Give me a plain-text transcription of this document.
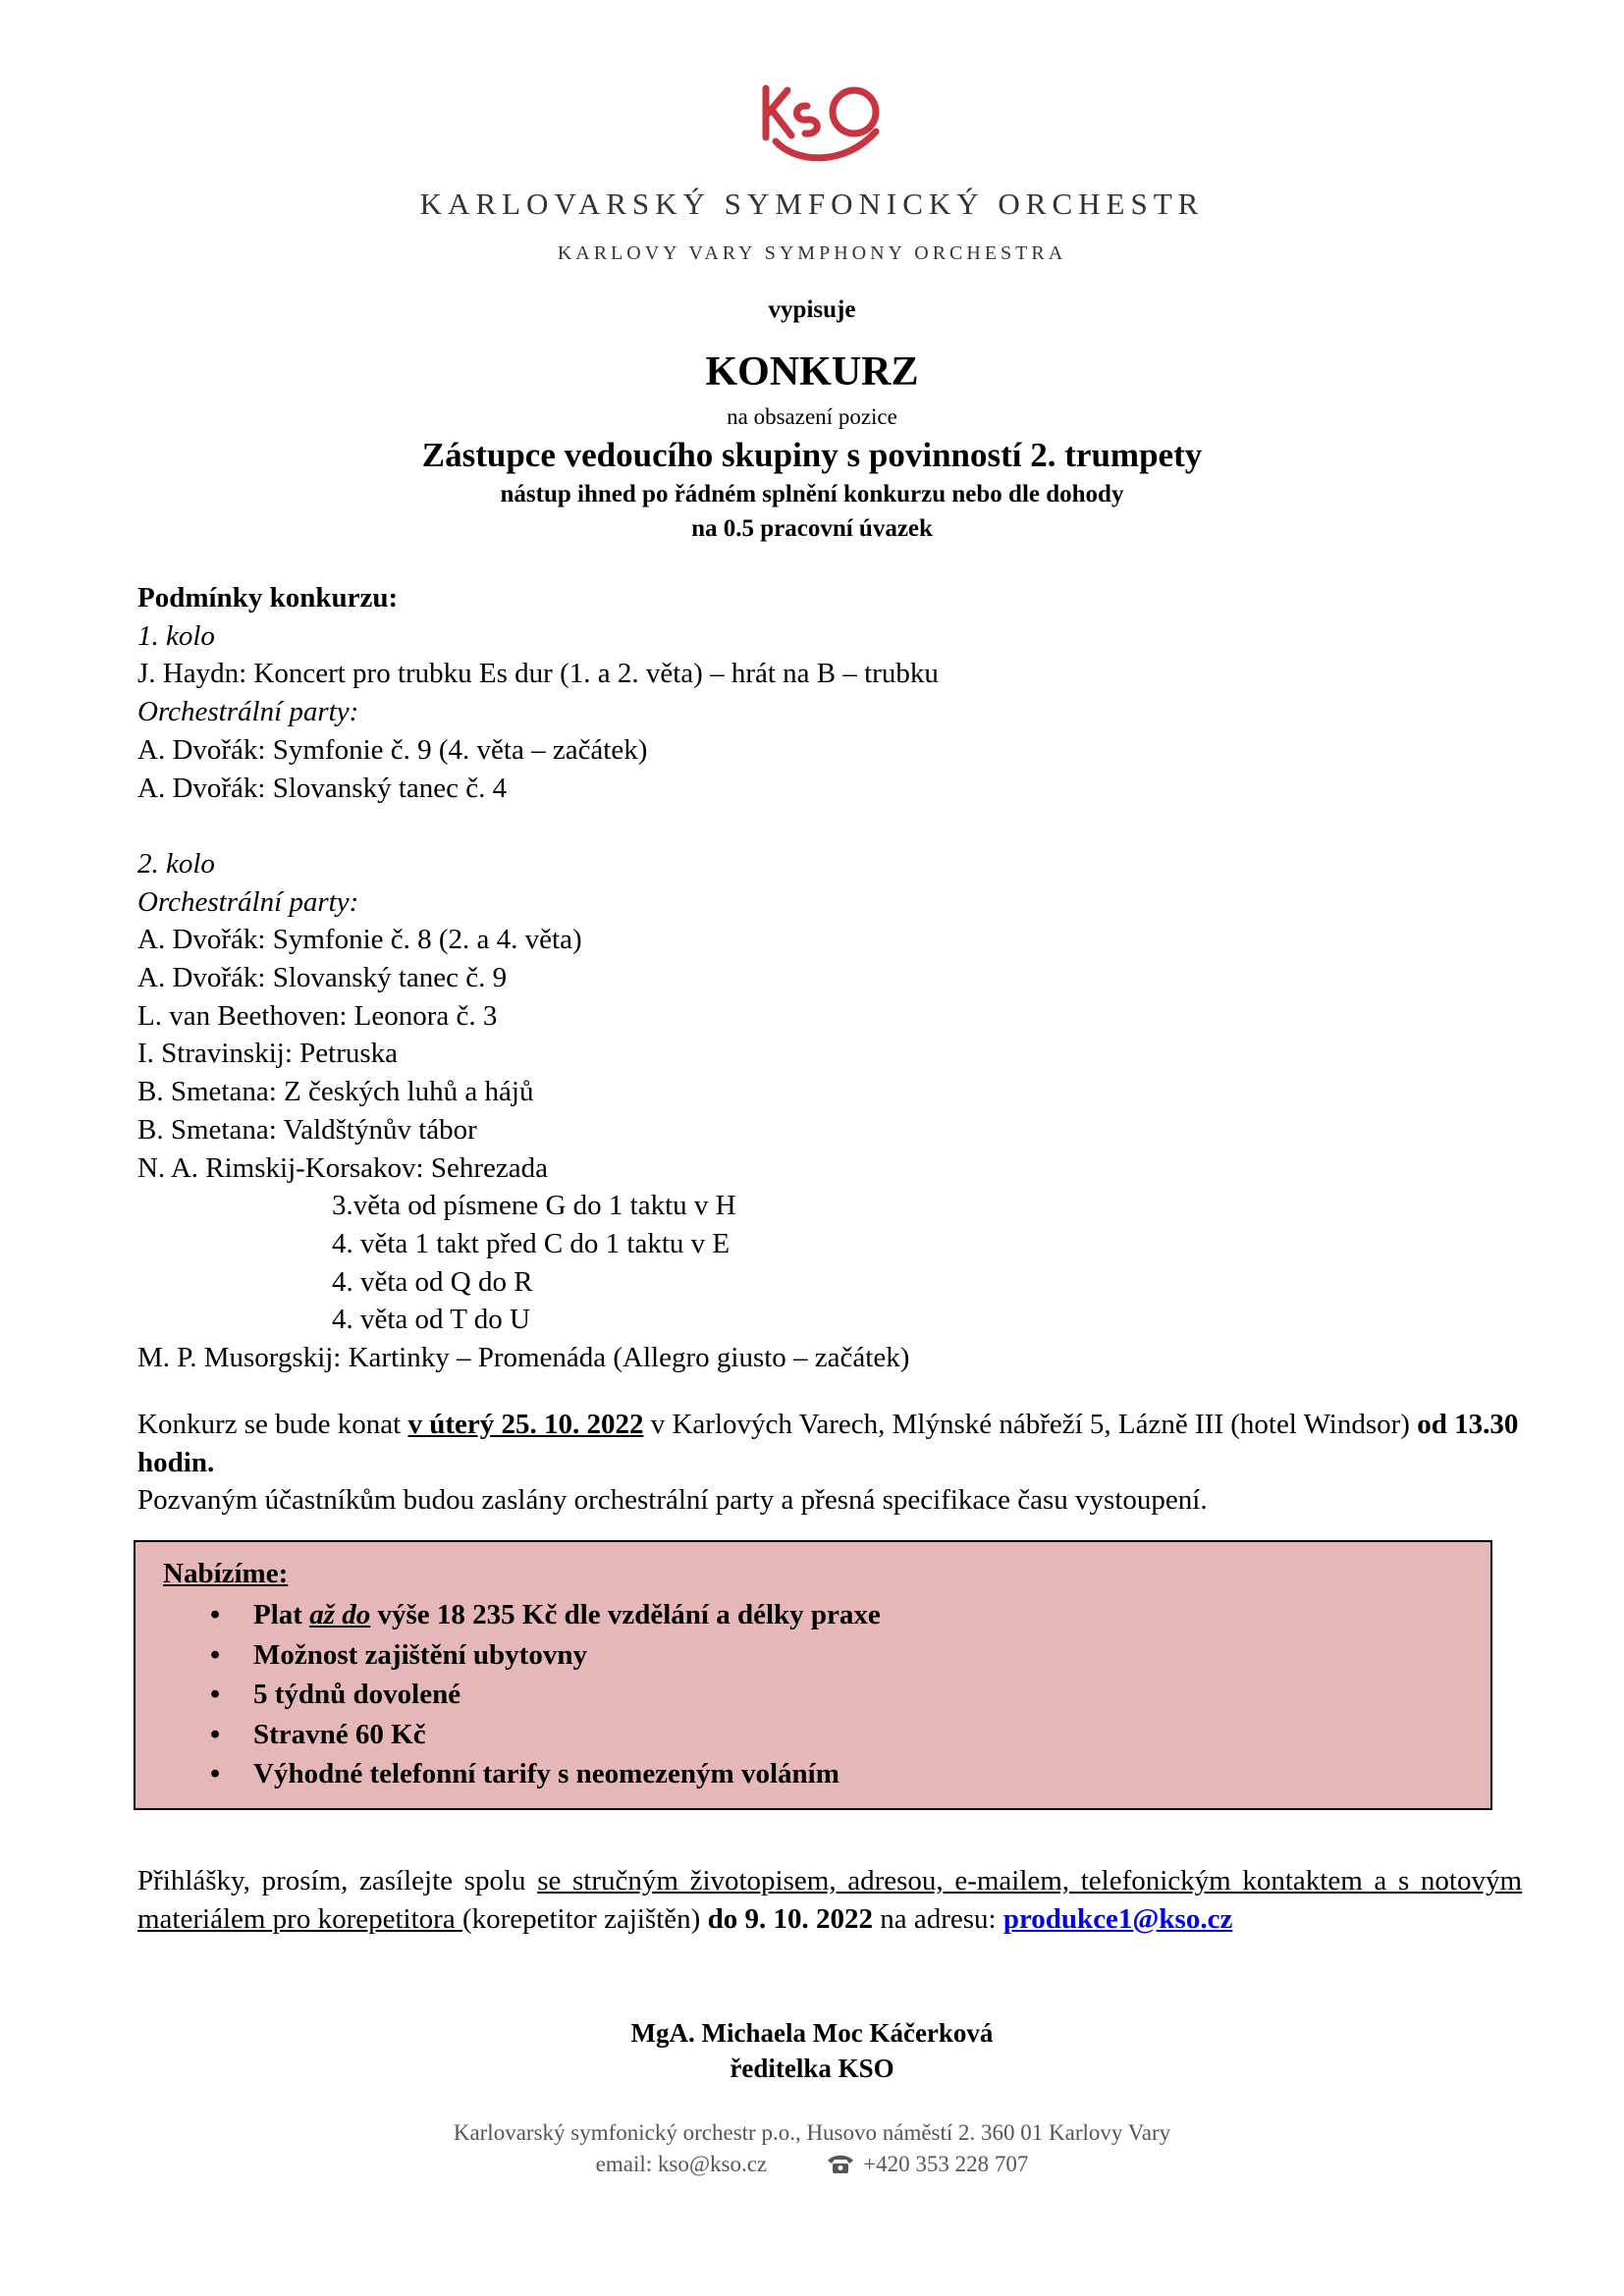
KARLOVARSKÝ SYMFONICKÝ ORCHESTR
KARLOVY VARY SYMPHONY ORCHESTRA
vypisuje
KONKURZ
na obsazení pozice
Zástupce vedoucího skupiny s povinností 2. trumpety
nástup ihned po řádném splnění konkurzu nebo dle dohody
na 0.5 pracovní úvazek
Podmínky konkurzu:
1. kolo
J. Haydn: Koncert pro trubku Es dur (1. a 2. věta) – hrát na B – trubku
Orchestrální party:
A. Dvořák: Symfonie č. 9 (4. věta – začátek)
A. Dvořák: Slovanský tanec č. 4
2. kolo
Orchestrální party:
A. Dvořák: Symfonie č. 8 (2. a 4. věta)
A. Dvořák: Slovanský tanec č. 9
L. van Beethoven: Leonora č. 3
I. Stravinskij: Petruska
B. Smetana: Z českých luhů a hájů
B. Smetana: Valdštýnův tábor
N. A. Rimskij-Korsakov: Sehrezada
3.věta od písmene G do 1 taktu v H
4. věta 1 takt před C do 1 taktu v E
4. věta od Q do R
4. věta od T do U
M. P. Musorgskij: Kartinky – Promenáda (Allegro giusto – začátek)
Konkurz se bude konat v úterý 25. 10. 2022 v Karlových Varech, Mlýnské nábřeží 5, Lázně III (hotel Windsor) od 13.30 hodin.
Pozvaným účastníkům budou zaslány orchestrální party a přesná specifikace času vystoupení.
Nabízíme:
• Plat až do výše 18 235 Kč dle vzdělání a délky praxe
• Možnost zajištění ubytovny
• 5 týdnů dovolené
• Stravné 60 Kč
• Výhodné telefonní tarify s neomezeným voláním
Přihlášky, prosím, zasílejte spolu se stručným životopisem, adresou, e-mailem, telefonickým kontaktem a s notovým materiálem pro korepetitora (korepetitor zajištěn) do 9. 10. 2022 na adresu: produkce1@kso.cz
MgA. Michaela Moc Káčerková
ředitelka KSO
Karlovarský symfonický orchestr p.o., Husovo náměstí 2. 360 01 Karlovy Vary
email: kso@kso.cz	+420 353 228 707
